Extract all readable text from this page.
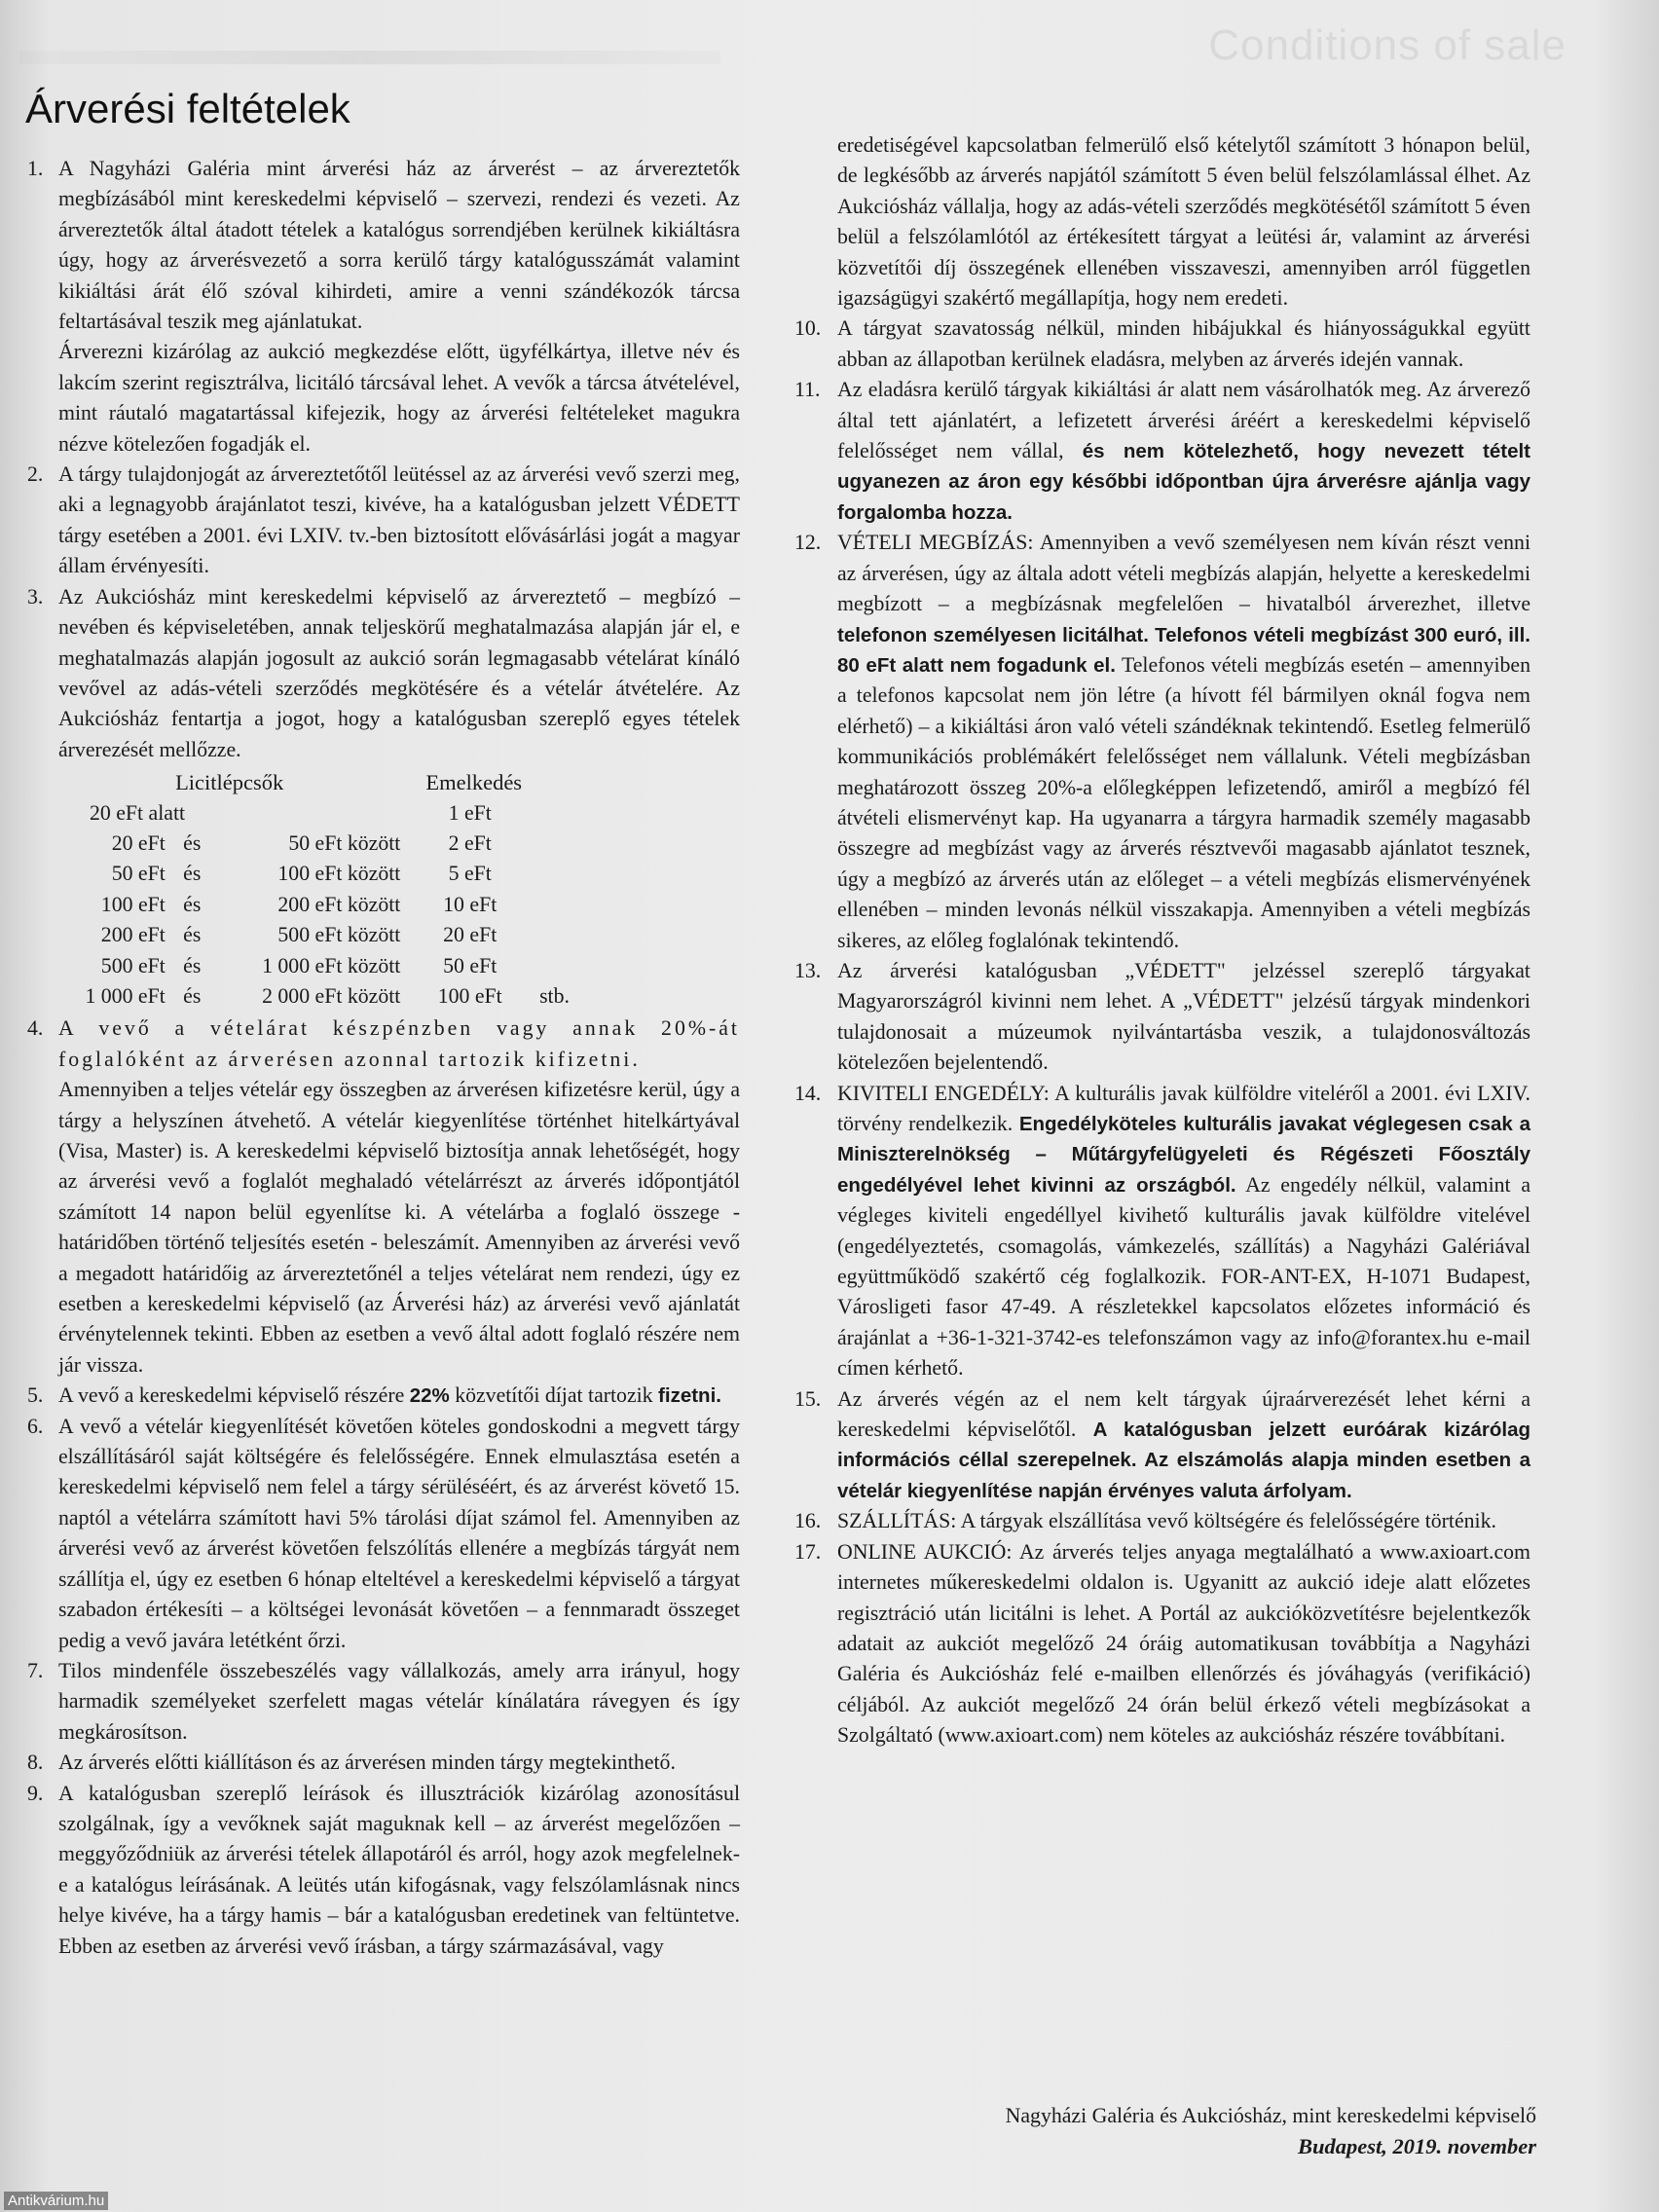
Conditions of sale
Árverési feltételek
1. A Nagyházi Galéria mint árverési ház az árverést – az árvereztetők megbízásából mint kereskedelmi képviselő – szervezi, rendezi és vezeti. Az árvereztetők által átadott tételek a katalógus sorrendjében kerülnek kikiáltásra úgy, hogy az árverésvezető a sorra kerülő tárgy katalógusszámát valamint kikiáltási árát élő szóval kihirdeti, amire a venni szándékozók tárcsa feltartásával teszik meg ajánlatukat.

Árverezni kizárólag az aukció megkezdése előtt, ügyfélkártya, illetve név és lakcím szerint regisztrálva, licitáló tárcsával lehet. A vevők a tárcsa átvételével, mint ráutaló magatartással kifejezik, hogy az árverési feltételeket magukra nézve kötelezően fogadják el.

2. A tárgy tulajdonjogát az árvereztetőtől leütéssel az az árverési vevő szerzi meg, aki a legnagyobb árajánlatot teszi, kivéve, ha a katalógusban jelzett VÉDETT tárgy esetében a 2001. évi LXIV. tv.-ben biztosított elővásárlási jogát a magyar állam érvényesíti.

3. Az Aukciósház mint kereskedelmi képviselő az árvereztető – megbízó – nevében és képviseletében, annak teljeskörű meghatalmazása alapján jár el, e meghatalmazás alapján jogosult az aukció során legmagasabb vételárat kínáló vevővel az adás-vételi szerződés megkötésére és a vételár átvételére. Az Aukciósház fentartja a jogot, hogy a katalógusban szereplő egyes tételek árverezését mellőzze.

Licitlépcsők			Emelkedés	
20 eFt alatt			1 eFt	
20 eFt	és	50 eFt között	2 eFt	
50 eFt	és	100 eFt között	5 eFt	
100 eFt	és	200 eFt között	10 eFt	
200 eFt	és	500 eFt között	20 eFt	
500 eFt	és	1 000 eFt között	50 eFt	
1 000 eFt	és	2 000 eFt között	100 eFt	stb.
4. A vevő a vételárat készpénzben vagy annak 20%-át foglalóként az árverésen azonnal tartozik kifizetni.

Amennyiben a teljes vételár egy összegben az árverésen kifizetésre kerül, úgy a tárgy a helyszínen átvehető. A vételár kiegyenlítése történhet hitelkártyával (Visa, Master) is. A kereskedelmi képviselő biztosítja annak lehetőségét, hogy az árverési vevő a foglalót meghaladó vételárrészt az árverés időpontjától számított 14 napon belül egyenlítse ki. A vételárba a foglaló összege - határidőben történő teljesítés esetén - beleszámít. Amennyiben az árverési vevő a megadott határidőig az árvereztetőnél a teljes vételárat nem rendezi, úgy ez esetben a kereskedelmi képviselő (az Árverési ház) az árverési vevő ajánlatát érvénytelennek tekinti. Ebben az esetben a vevő által adott foglaló részére nem jár vissza.

5. A vevő a kereskedelmi képviselő részére 22% közvetítői díjat tartozik fizetni.

6. A vevő a vételár kiegyenlítését követően köteles gondoskodni a megvett tárgy elszállításáról saját költségére és felelősségére. Ennek elmulasztása esetén a kereskedelmi képviselő nem felel a tárgy sérüléséért, és az árverést követő 15. naptól a vételárra számított havi 5% tárolási díjat számol fel. Amennyiben az árverési vevő az árverést követően felszólítás ellenére a megbízás tárgyát nem szállítja el, úgy ez esetben 6 hónap elteltével a kereskedelmi képviselő a tárgyat szabadon értékesíti – a költségei levonását követően – a fennmaradt összeget pedig a vevő javára letétként őrzi.

7. Tilos mindenféle összebeszélés vagy vállalkozás, amely arra irányul, hogy harmadik személyeket szerfelett magas vételár kínálatára rávegyen és így megkárosítson.

8. Az árverés előtti kiállításon és az árverésen minden tárgy megtekinthető.

9. A katalógusban szereplő leírások és illusztrációk kizárólag azonosításul szolgálnak, így a vevőknek saját maguknak kell – az árverést megelőzően – meggyőződniük az árverési tételek állapotáról és arról, hogy azok megfelelnek-e a katalógus leírásának. A leütés után kifogásnak, vagy felszólamlásnak nincs helye kivéve, ha a tárgy hamis – bár a katalógusban eredetinek van feltüntetve. Ebben az esetben az árverési vevő írásban, a tárgy származásával, vagy

eredetiségével kapcsolatban felmerülő első kételytől számított 3 hónapon belül, de legkésőbb az árverés napjától számított 5 éven belül felszólamlással élhet. Az Aukciósház vállalja, hogy az adás-vételi szerződés megkötésétől számított 5 éven belül a felszólamlótól az értékesített tárgyat a leütési ár, valamint az árverési közvetítői díj összegének ellenében visszaveszi, amennyiben arról független igazságügyi szakértő megállapítja, hogy nem eredeti.

10. A tárgyat szavatosság nélkül, minden hibájukkal és hiányosságukkal együtt abban az állapotban kerülnek eladásra, melyben az árverés idején vannak.

11. Az eladásra kerülő tárgyak kikiáltási ár alatt nem vásárolhatók meg. Az árverező által tett ajánlatért, a lefizetett árverési áréért a kereskedelmi képviselő felelősséget nem vállal, és nem kötelezhető, hogy nevezett tételt ugyanezen az áron egy későbbi időpontban újra árverésre ajánlja vagy forgalomba hozza.

12. VÉTELI MEGBÍZÁS: Amennyiben a vevő személyesen nem kíván részt venni az árverésen, úgy az általa adott vételi megbízás alapján, helyette a kereskedelmi megbízott – a megbízásnak megfelelően – hivatalból árverezhet, illetve telefonon személyesen licitálhat. Telefonos vételi megbízást 300 euró, ill. 80 eFt alatt nem fogadunk el. Telefonos vételi megbízás esetén – amennyiben a telefonos kapcsolat nem jön létre (a hívott fél bármilyen oknál fogva nem elérhető) – a kikiáltási áron való vételi szándéknak tekintendő. Esetleg felmerülő kommunikációs problémákért felelősséget nem vállalunk. Vételi megbízásban meghatározott összeg 20%-a előlegképpen lefizetendő, amiről a megbízó fél átvételi elismervényt kap. Ha ugyanarra a tárgyra harmadik személy magasabb összegre ad megbízást vagy az árverés résztvevői magasabb ajánlatot tesznek, úgy a megbízó az árverés után az előleget – a vételi megbízás elismervényének ellenében – minden levonás nélkül visszakapja. Amennyiben a vételi megbízás sikeres, az előleg foglalónak tekintendő.

13. Az árverési katalógusban „VÉDETT" jelzéssel szereplő tárgyakat Magyarországról kivinni nem lehet. A „VÉDETT" jelzésű tárgyak mindenkori tulajdonosait a múzeumok nyilvántartásba veszik, a tulajdonosváltozás kötelezően bejelentendő.

14. KIVITELI ENGEDÉLY: A kulturális javak külföldre viteléről a 2001. évi LXIV. törvény rendelkezik. Engedélyköteles kulturális javakat véglegesen csak a Miniszterelnökség – Műtárgyfelügyeleti és Régészeti Főosztály engedélyével lehet kivinni az országból. Az engedély nélkül, valamint a végleges kiviteli engedéllyel kivihető kulturális javak külföldre vitelével (engedélyeztetés, csomagolás, vámkezelés, szállítás) a Nagyházi Galériával együttműködő szakértő cég foglalkozik. FOR-ANT-EX, H-1071 Budapest, Városligeti fasor 47-49. A részletekkel kapcsolatos előzetes információ és árajánlat a +36-1-321-3742-es telefonszámon vagy az info@forantex.hu e-mail címen kérhető.

15. Az árverés végén az el nem kelt tárgyak újraárverezését lehet kérni a kereskedelmi képviselőtől. A katalógusban jelzett euróárak kizárólag információs céllal szerepelnek. Az elszámolás alapja minden esetben a vételár kiegyenlítése napján érvényes valuta árfolyam.

16. SZÁLLÍTÁS: A tárgyak elszállítása vevő költségére és felelősségére történik.

17. ONLINE AUKCIÓ: Az árverés teljes anyaga megtalálható a www.axioart.com internetes műkereskedelmi oldalon is. Ugyanitt az aukció ideje alatt előzetes regisztráció után licitálni is lehet. A Portál az aukcióközvetítésre bejelentkezők adatait az aukciót megelőző 24 óráig automatikusan továbbítja a Nagyházi Galéria és Aukciósház felé e-mailben ellenőrzés és jóváhagyás (verifikáció) céljából. Az aukciót megelőző 24 órán belül érkező vételi megbízásokat a Szolgáltató (www.axioart.com) nem köteles az aukciósház részére továbbítani.

Nagyházi Galéria és Aukciósház, mint kereskedelmi képviselő
Budapest, 2019. november
Antikvárium.hu
